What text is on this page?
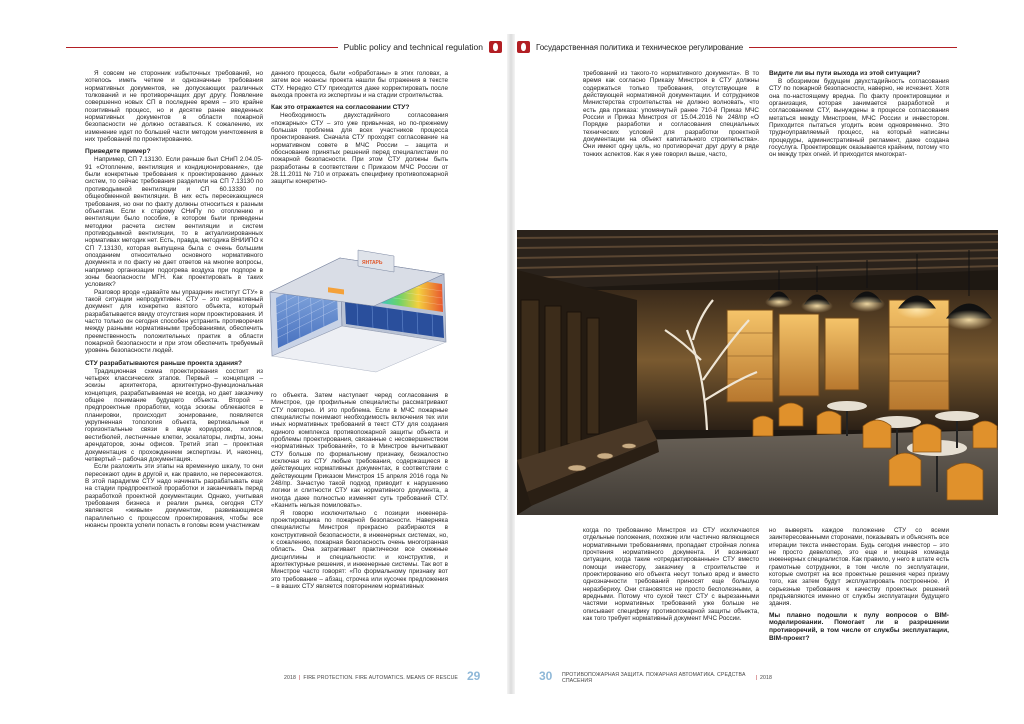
Public policy and technical regulation	Государственная политика и техническое регулирование

Я совсем не сторонник избыточных требований, но хотелось иметь четкие и однозначные требования нормативных документов, не допускающих различных толкований и не противоречащих друг другу. Появление совершенно новых СП в последнее время – это крайне позитивный процесс, но и десятке ранее введенных нормативных документов в области пожарной безопасности не должно оставаться. К сожалению, их изменение идет по большей части методом уничтожения в них требований по проектированию.

Приведете пример?

Например, СП 7.13130. Если раньше был СНиП 2.04.05-91 «Отопление, вентиляция и кондиционирование», где были конкретные требования к проектированию данных систем, то сейчас требования разделили на СП 7.13130 по противодымной вентиляции и СП 60.13330 по общеобменной вентиляции. В них есть пересекающиеся требования, но они по факту должны относиться к разным объектам. Если к старому СНиПу по отоплению и вентиляции было пособие, в котором были приведены методики расчета систем вентиляции и систем противодымной вентиляции, то в актуализированных нормативах методик нет. Есть, правда, методика ВНИИПО к СП 7.13130, которая выпущена была с очень большим опозданием относительно основного нормативного документа и по факту не дает ответов на многие вопросы, например организации подогрева воздуха при подпоре в зоны безопасности МГН. Как проектировать в таких условиях?

Разговор вроде «давайте мы упразднин институт СТУ» в такой ситуации непродуктивен. СТУ – это нормативный документ для конкретно взятого объекта, который разрабатывается ввиду отсутствия норм проектирования. И часто только он сегодня способен устранить противоречия между разными нормативными требованиями, обеспечить преемственность положительных практик в области пожарной безопасности и при этом обеспечить требуемый уровень безопасности людей.

СТУ разрабатываются раньше проекта здания?

Традиционная схема проектирования состоит из четырех классических этапов. Первый – концепция – эскизы архитектора, архитектурно-функциональная концепция, разрабатываемая не всегда, но дает заказчику общее понимание будущего объекта. Второй – предпроектные проработки, когда эскизы облекаются в планировки, происходит зонирование, появляется укрупненная топология объекта, вертикальные и горизонтальные связи в виде коридоров, холлов, вестибюлей, лестничные клетки, эскалаторы, лифты, зоны арендаторов, зоны офисов. Третий этап – проектная документация с прохождением экспертизы. И, наконец, четвертый – рабочая документация.

Если разложить эти этапы на временную шкалу, то они пересекают один в другой и, как правило, не пересекаются. В этой парадигме СТУ надо начинать разрабатывать еще на стадии предпроектной проработки и заканчивать перед разработкой проектной документации. Однако, учитывая требования бизнеса и реалии рынка, сегодня СТУ являются «живым» документом, развивающимся параллельно с процессом проектирования, чтобы все нюансы проекта успели попасть в головы всем участникам

данного процесса, были «обработаны» в этих головах, а затем все нюансы проекта нашли бы отражения в тексте СТУ. Нередко СТУ приходится даже корректировать после выхода проекта из экспертизы и на стадии строительства.

Как это отражается на согласовании СТУ?

Необходимость двухстадийного согласования «пожарных» СТУ – это уже привычная, но по-прежнему большая проблема для всех участников процесса проектирования. Сначала СТУ проходят согласование на нормативном совете в МЧС России – защита и обоснование принятых решений перед специалистами по пожарной безопасности. При этом СТУ должны быть разработаны в соответствии с Приказом МЧС России от 28.11.2011 № 710 и отражать специфику противопожарной защиты конкретно-

ЯНТАРЬ

го объекта. Затем наступает черед согласования в Минстрое, где профильные специалисты рассматривают СТУ повторно. И это проблема. Если в МЧС пожарные специалисты понимают необходимость включения тех или иных нормативных требований в текст СТУ для создания единого комплекса противопожарной защиты объекта и проблемы проектирования, связанные с несовершенством «нормативных требований», то в Минстрое вычитывают СТУ больше по формальному признаку, безжалостно исключая из СТУ любые требования, содержащиеся в действующих нормативных документах, в соответствии с действующим Приказом Минстроя 15 апреля 2016 года № 248/пр. Зачастую такой подход приводит к нарушению логики и слитности СТУ как нормативного документа, а иногда даже полностью изменяет суть требований СТУ. «Казнить нельзя помиловать».

Я говорю исключительно с позиции инженера-проектировщика по пожарной безопасности. Наверняка специалисты Минстроя прекрасно разбираются в конструктивной безопасности, в инженерных системах, но, к сожалению, пожарная безопасность очень многогранная область. Она затрагивает практически все смежные дисциплины и специальности: и конструктив, и архитектурные решения, и инженерные системы. Так вот в Минстрое часто говорят: «По формальному признаку вот это требование – абзац, строчка или кусочек предложения – в ваших СТУ является повторением нормативных

требований из такого-то нормативного документа». В то время как согласно Приказу Минстроя в СТУ должны содержаться только требования, отсутствующие в действующей нормативной документации. И сотрудников Министерства строительства не должно волновать, что есть два приказа: упомянутый ранее 710-й Приказ МЧС России и Приказ Минстроя от 15.04.2016 № 248/пр «О Порядке разработки и согласования специальных технических условий для разработки проектной документации на объект капитального строительства». Они имеют одну цель, но противоречат друг другу в ряде тонких аспектов. Как я уже говорил выше, часто,

Видите ли вы пути выхода из этой ситуации?

В обозримом будущем двухстадийность согласования СТУ по пожарной безопасности, наверно, не исчезнет. Хотя она по-настоящему вредна. По факту проектировщики и организация, которая занимается разработкой и согласованием СТУ, вынуждены в процессе согласования метаться между Минстроем, МЧС России и инвестором. Приходится пытаться угодить всем одновременно. Это трудноуправляемый процесс, на который написаны процедуры, административный регламент, даже создана госуслуга. Проектировщик оказывается крайним, потому что он между трех огней. И приходится многократ-

когда по требованию Минстроя из СТУ исключаются отдельные положения, похожие или частично являющиеся нормативными требованиями, пропадает стройная логика прочтения нормативного документа. И возникают ситуации, когда такие «отредактированные» СТУ вместо помощи инвестору, заказчику в строительстве и проектированию его объекта несут только вред и вместо однозначности требований приносят еще большую неразбериху. Они становятся не просто бесполезными, а вредными. Потому что сухой текст СТУ с вырезанными частями нормативных требований уже больше не описывает специфику противопожарной защиты объекта, как того требует нормативный документ МЧС России.

но выверять каждое положение СТУ со всеми заинтересованными сторонами, показывать и объяснять все итерации текста инвесторам. Будь сегодня инвестор – это не просто девелопер, это еще и мощная команда инженерных специалистов. Как правило, у него в штате есть грамотные сотрудники, в том числе по эксплуатации, которые смотрят на все проектные решения через призму того, как затем будут эксплуатировать построенное. И серьезные требования к качеству проектных решений предъявляются именно от службы эксплуатации будущего здания.

Мы плавно подошли к пулу вопросов о BIM-моделировании. Помогает ли в разрешении противоречий, в том числе от службы эксплуатации, BIM-проект?

2018 | FIRE PROTECTION. FIRE AUTOMATICS. MEANS OF RESCUE 29	30 ПРОТИВОПОЖАРНАЯ ЗАЩИТА. ПОЖАРНАЯ АВТОМАТИКА. СРЕДСТВА СПАСЕНИЯ	| 2018
